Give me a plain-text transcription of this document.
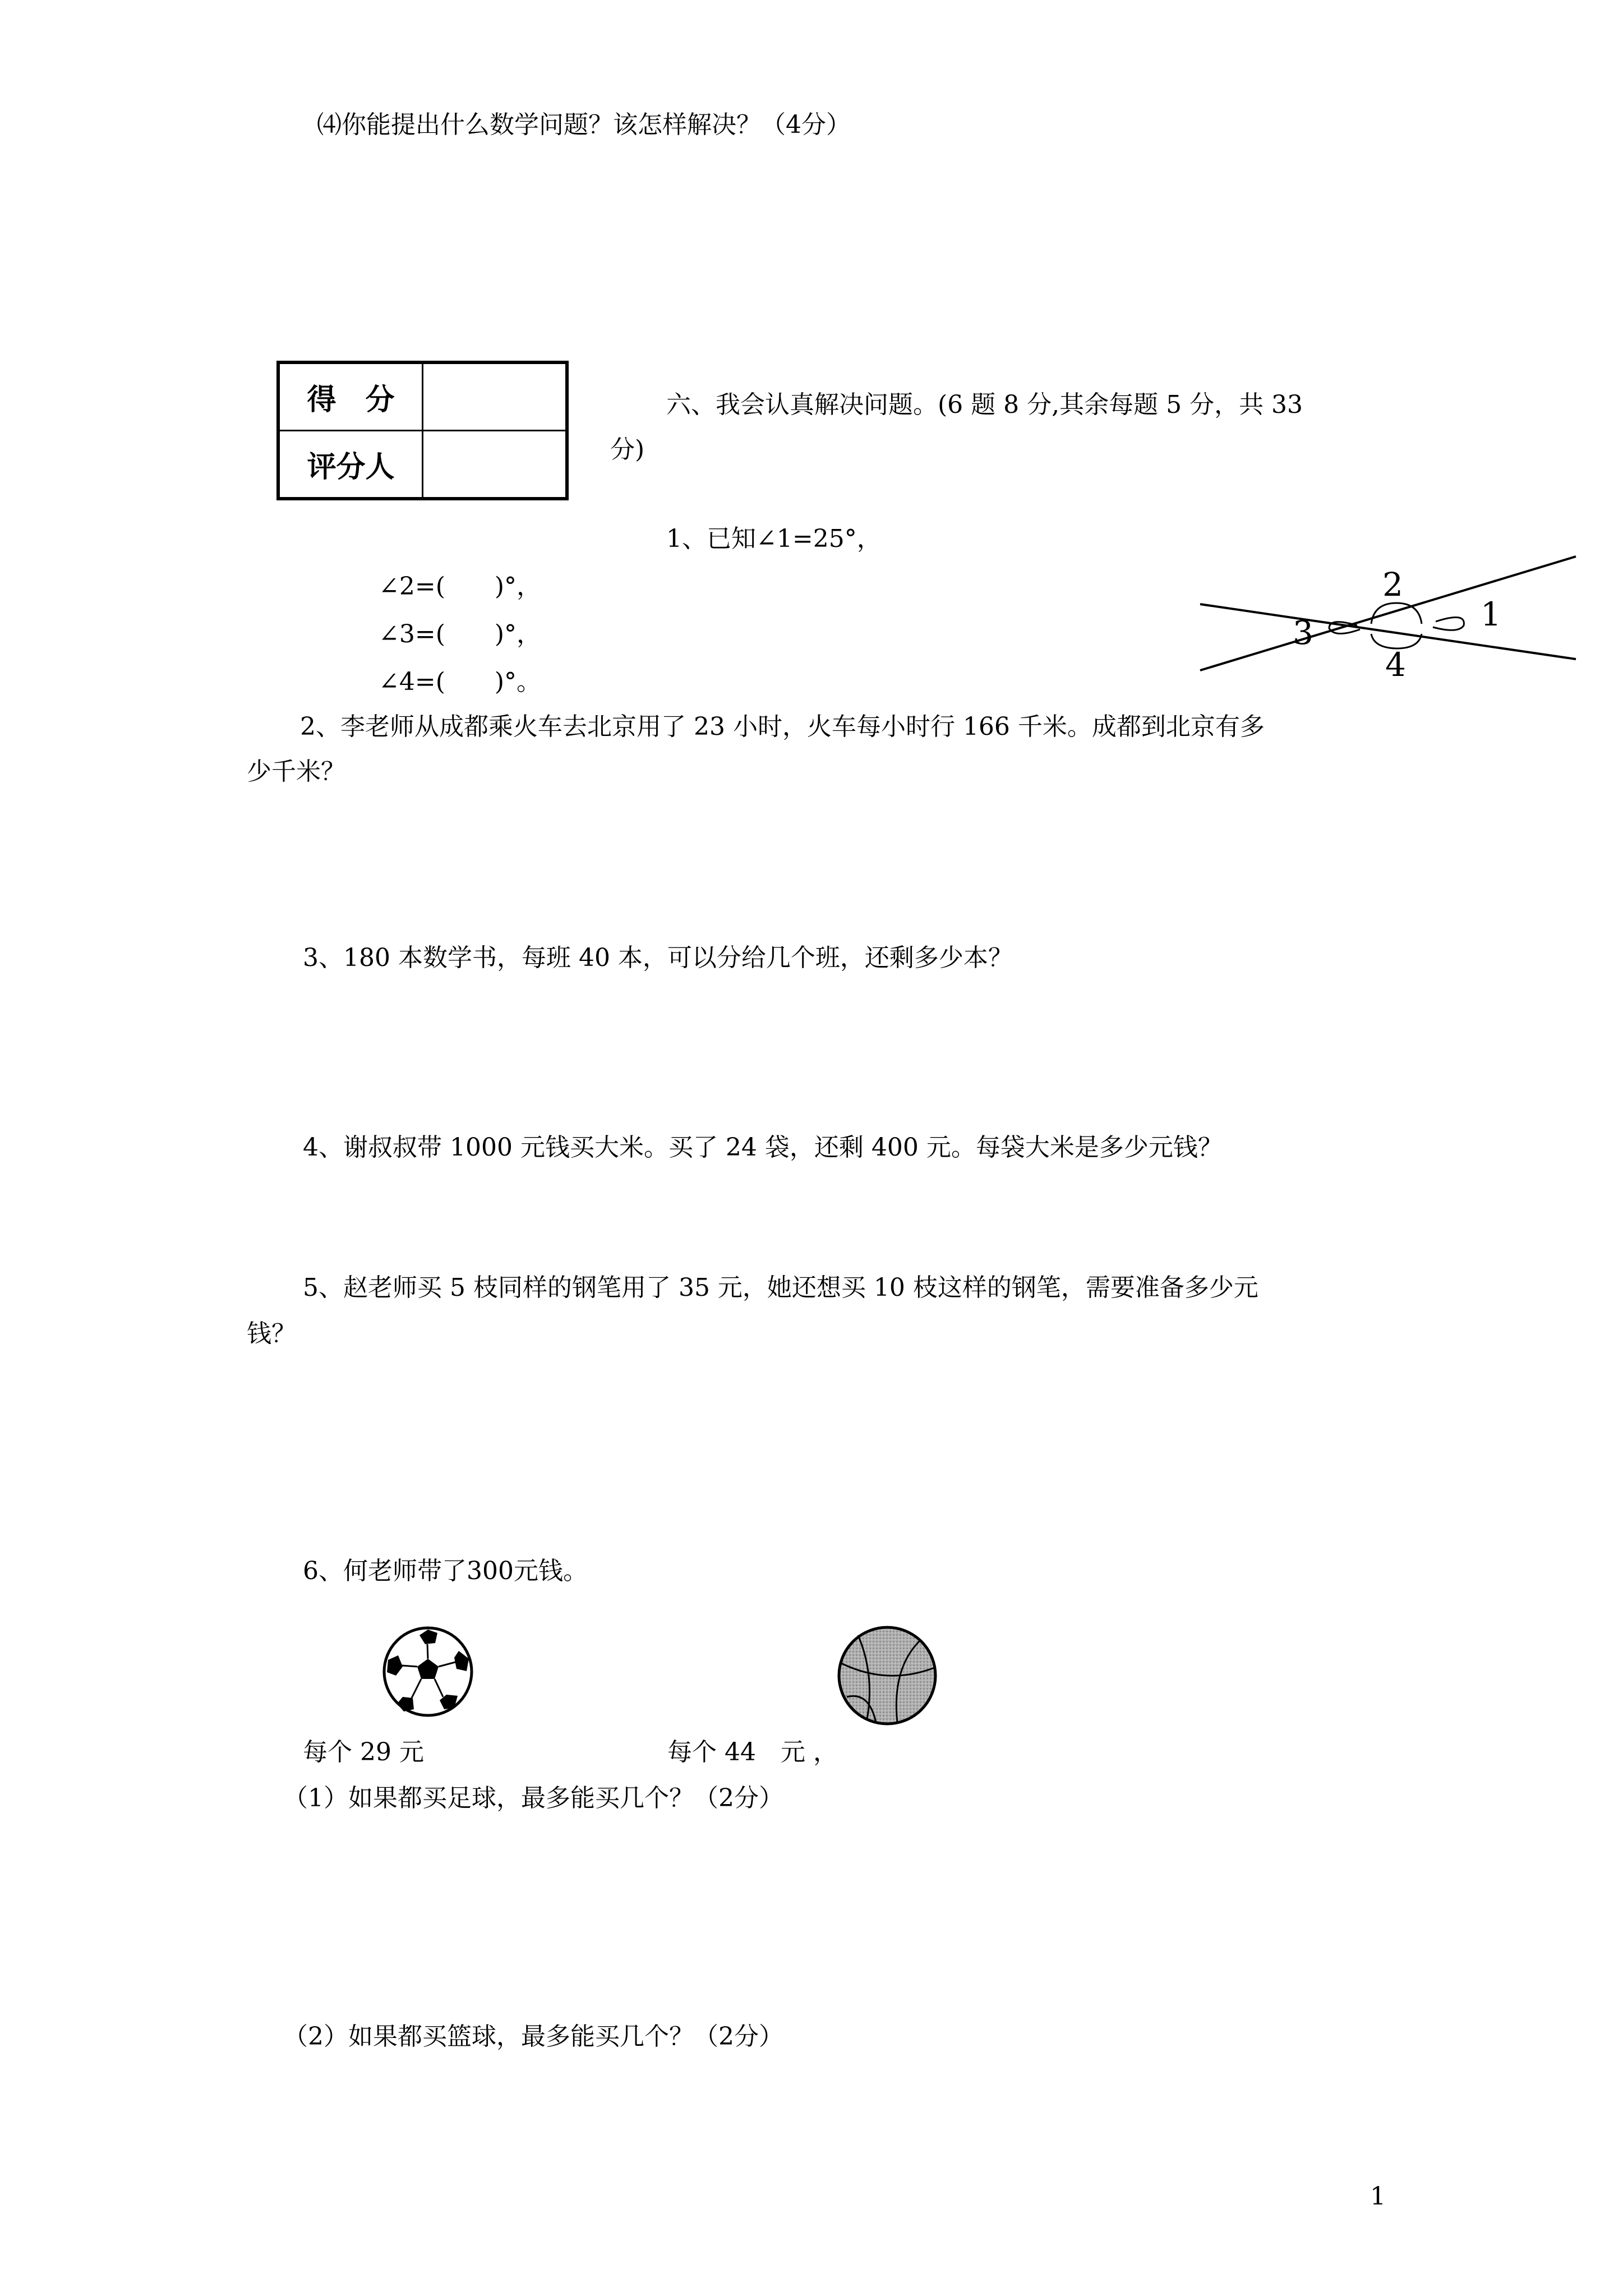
⑷你能提出什么数学问题？该怎样解决？（4分）
得　分	
评分人	
六、我会认真解决问题。(6 题 8 分,其余每题 5 分，共 33
分)
1、已知∠1=25°，
∠2=(　　)°，
∠3=(　　)°，
∠4=(　　)°。
2
1
3
4
2、李老师从成都乘火车去北京用了 23 小时，火车每小时行 166 千米。成都到北京有多
少千米？
3、180 本数学书，每班 40 本，可以分给几个班，还剩多少本？
4、谢叔叔带 1000 元钱买大米。买了 24 袋，还剩 400 元。每袋大米是多少元钱？
5、赵老师买 5 枝同样的钢笔用了 35 元，她还想买 10 枝这样的钢笔，需要准备多少元
钱？
6、何老师带了300元钱。
每个 29 元	每个 44　元 ，
（1）如果都买足球，最多能买几个？（2分）
（2）如果都买篮球，最多能买几个？（2分）
1
